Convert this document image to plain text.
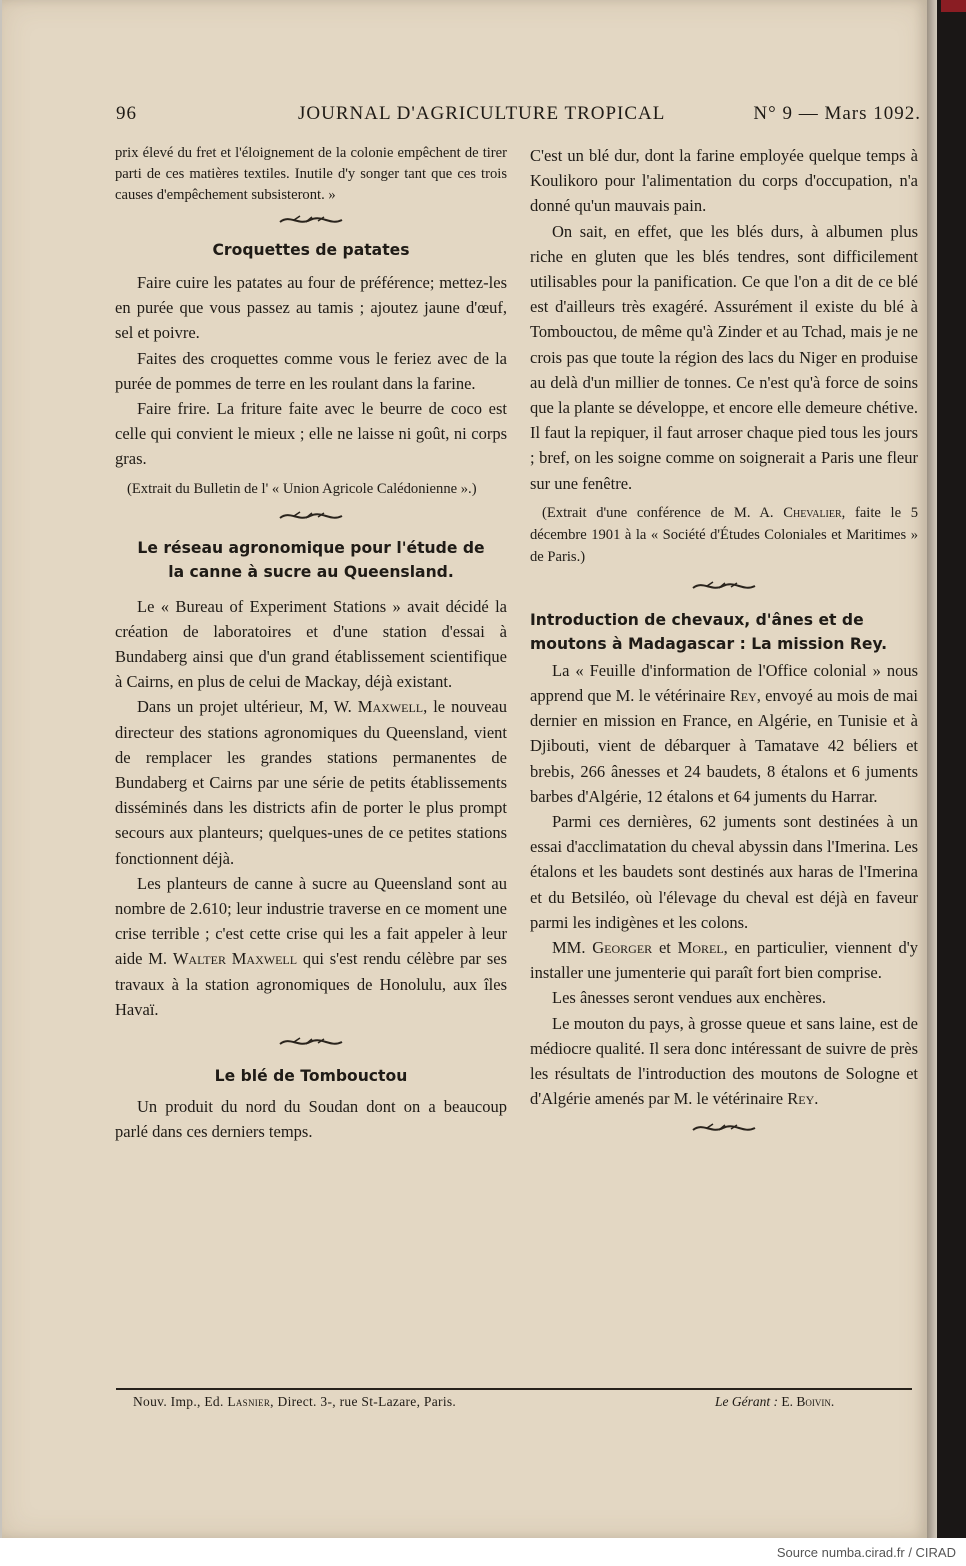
96	JOURNAL D'AGRICULTURE TROPICAL	N° 9 — Mars 1092.

prix élevé du fret et l'éloignement de la colonie empêchent de tirer parti de ces matières textiles. Inutile d'y songer tant que ces trois causes d'empêchement subsisteront. »

Croquettes de patates

Faire cuire les patates au four de préférence; mettez-les en purée que vous passez au tamis ; ajoutez jaune d'œuf, sel et poivre.

Faites des croquettes comme vous le feriez avec de la purée de pommes de terre en les roulant dans la farine.

Faire frire. La friture faite avec le beurre de coco est celle qui convient le mieux ; elle ne laisse ni goût, ni corps gras.

(Extrait du Bulletin de l' « Union Agricole Calédonienne ».)

Le réseau agronomique pour l'étude de
la canne à sucre au Queensland.

Le « Bureau of Experiment Stations » avait décidé la création de laboratoires et d'une station d'essai à Bundaberg ainsi que d'un grand établissement scientifique à Cairns, en plus de celui de Mackay, déjà existant.

Dans un projet ultérieur, M, W. Maxwell, le nouveau directeur des stations agronomiques du Queensland, vient de remplacer les grandes stations permanentes de Bundaberg et Cairns par une série de petits établissements disséminés dans les districts afin de porter le plus prompt secours aux planteurs; quelques-unes de ce petites stations fonctionnent déjà.

Les planteurs de canne à sucre au Queensland sont au nombre de 2.610; leur industrie traverse en ce moment une crise terrible ; c'est cette crise qui les a fait appeler à leur aide M. Walter Maxwell qui s'est rendu célèbre par ses travaux à la station agronomiques de Honolulu, aux îles Havaï.

Le blé de Tombouctou

Un produit du nord du Soudan dont on a beaucoup parlé dans ces derniers temps.

C'est un blé dur, dont la farine employée quelque temps à Koulikoro pour l'alimentation du corps d'occupation, n'a donné qu'un mauvais pain.

On sait, en effet, que les blés durs, à albumen plus riche en gluten que les blés tendres, sont difficilement utilisables pour la panification. Ce que l'on a dit de ce blé est d'ailleurs très exagéré. Assurément il existe du blé à Tombouctou, de même qu'à Zinder et au Tchad, mais je ne crois pas que toute la région des lacs du Niger en produise au delà d'un millier de tonnes. Ce n'est qu'à force de soins que la plante se développe, et encore elle demeure chétive. Il faut la repiquer, il faut arroser chaque pied tous les jours ; bref, on les soigne comme on soignerait a Paris une fleur sur une fenêtre.

(Extrait d'une conférence de M. A. Chevalier, faite le 5 décembre 1901 à la « Société d'Études Coloniales et Maritimes » de Paris.)

Introduction de chevaux, d'ânes et de
moutons à Madagascar : La mission Rey.

La « Feuille d'information de l'Office colonial » nous apprend que M. le vétérinaire Rey, envoyé au mois de mai dernier en mission en France, en Algérie, en Tunisie et à Djibouti, vient de débarquer à Tamatave 42 béliers et brebis, 266 ânesses et 24 baudets, 8 étalons et 6 juments barbes d'Algérie, 12 étalons et 64 juments du Harrar.

Parmi ces dernières, 62 juments sont destinées à un essai d'acclimatation du cheval abyssin dans l'Imerina. Les étalons et les baudets sont destinés aux haras de l'Imerina et du Betsiléo, où l'élevage du cheval est déjà en faveur parmi les indigènes et les colons.

MM. Georger et Morel, en particulier, viennent d'y installer une jumenterie qui paraît fort bien comprise.

Les ânesses seront vendues aux enchères.

Le mouton du pays, à grosse queue et sans laine, est de médiocre qualité. Il sera donc intéressant de suivre de près les résultats de l'introduction des moutons de Sologne et d'Algérie amenés par M. le vétérinaire Rey.

Nouv. Imp., Ed. Lasnier, Direct. 3-, rue St-Lazare, Paris.	Le Gérant : E. Boivin.
Source numba.cirad.fr / CIRAD
